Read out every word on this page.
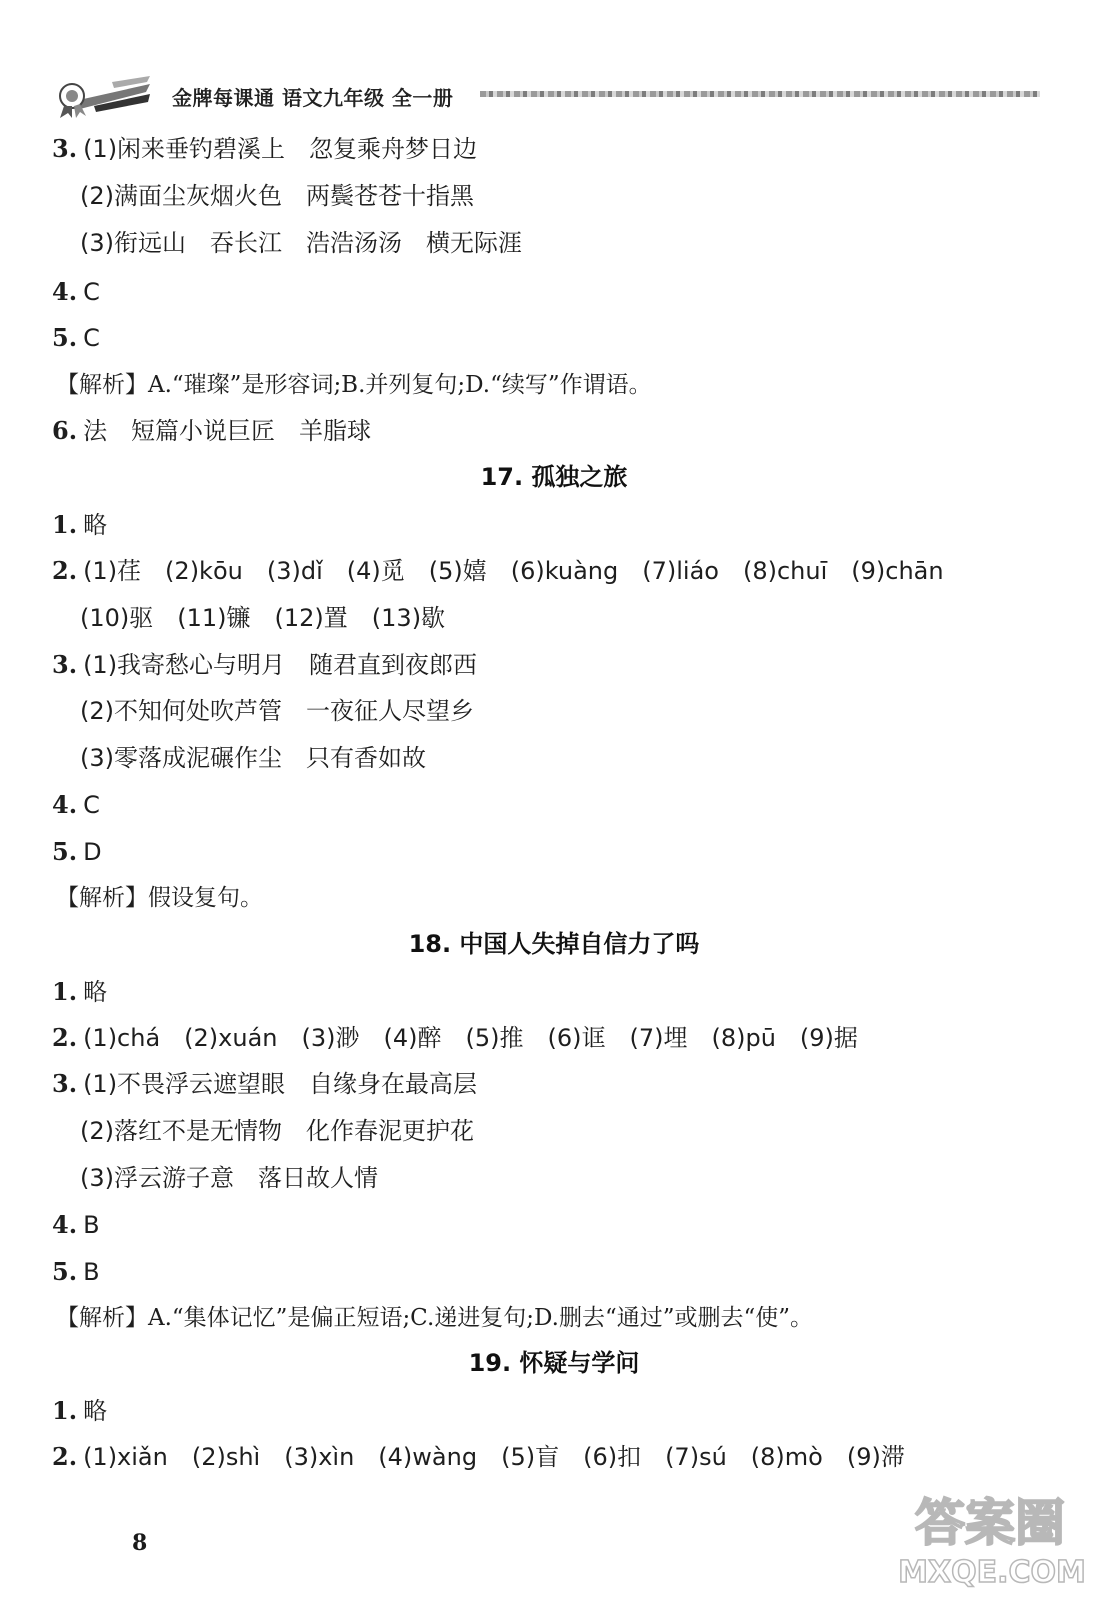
金牌每课通 语文九年级 全一册
3. (1)闲来垂钓碧溪上　忽复乘舟梦日边
(2)满面尘灰烟火色　两鬓苍苍十指黑
(3)衔远山　吞长江　浩浩汤汤　横无际涯
4. C
5. C
【解析】A.“璀璨”是形容词;B.并列复句;D.“续写”作谓语。
6. 法　短篇小说巨匠　羊脂球
17. 孤独之旅
1. 略
2. (1)荏　(2)kōu　(3)dǐ　(4)觅　(5)嬉　(6)kuàng　(7)liáo　(8)chuī　(9)chān
(10)驱　(11)镰　(12)置　(13)歇
3. (1)我寄愁心与明月　随君直到夜郎西
(2)不知何处吹芦管　一夜征人尽望乡
(3)零落成泥碾作尘　只有香如故
4. C
5. D
【解析】假设复句。
18. 中国人失掉自信力了吗
1. 略
2. (1)chá　(2)xuán　(3)渺　(4)醉　(5)推　(6)诓　(7)埋　(8)pū　(9)据
3. (1)不畏浮云遮望眼　自缘身在最高层
(2)落红不是无情物　化作春泥更护花
(3)浮云游子意　落日故人情
4. B
5. B
【解析】A.“集体记忆”是偏正短语;C.递进复句;D.删去“通过”或删去“使”。
19. 怀疑与学问
1. 略
2. (1)xiǎn　(2)shì　(3)xìn　(4)wàng　(5)盲　(6)扣　(7)sú　(8)mò　(9)滞
8	答案圈
MXQE.COM
